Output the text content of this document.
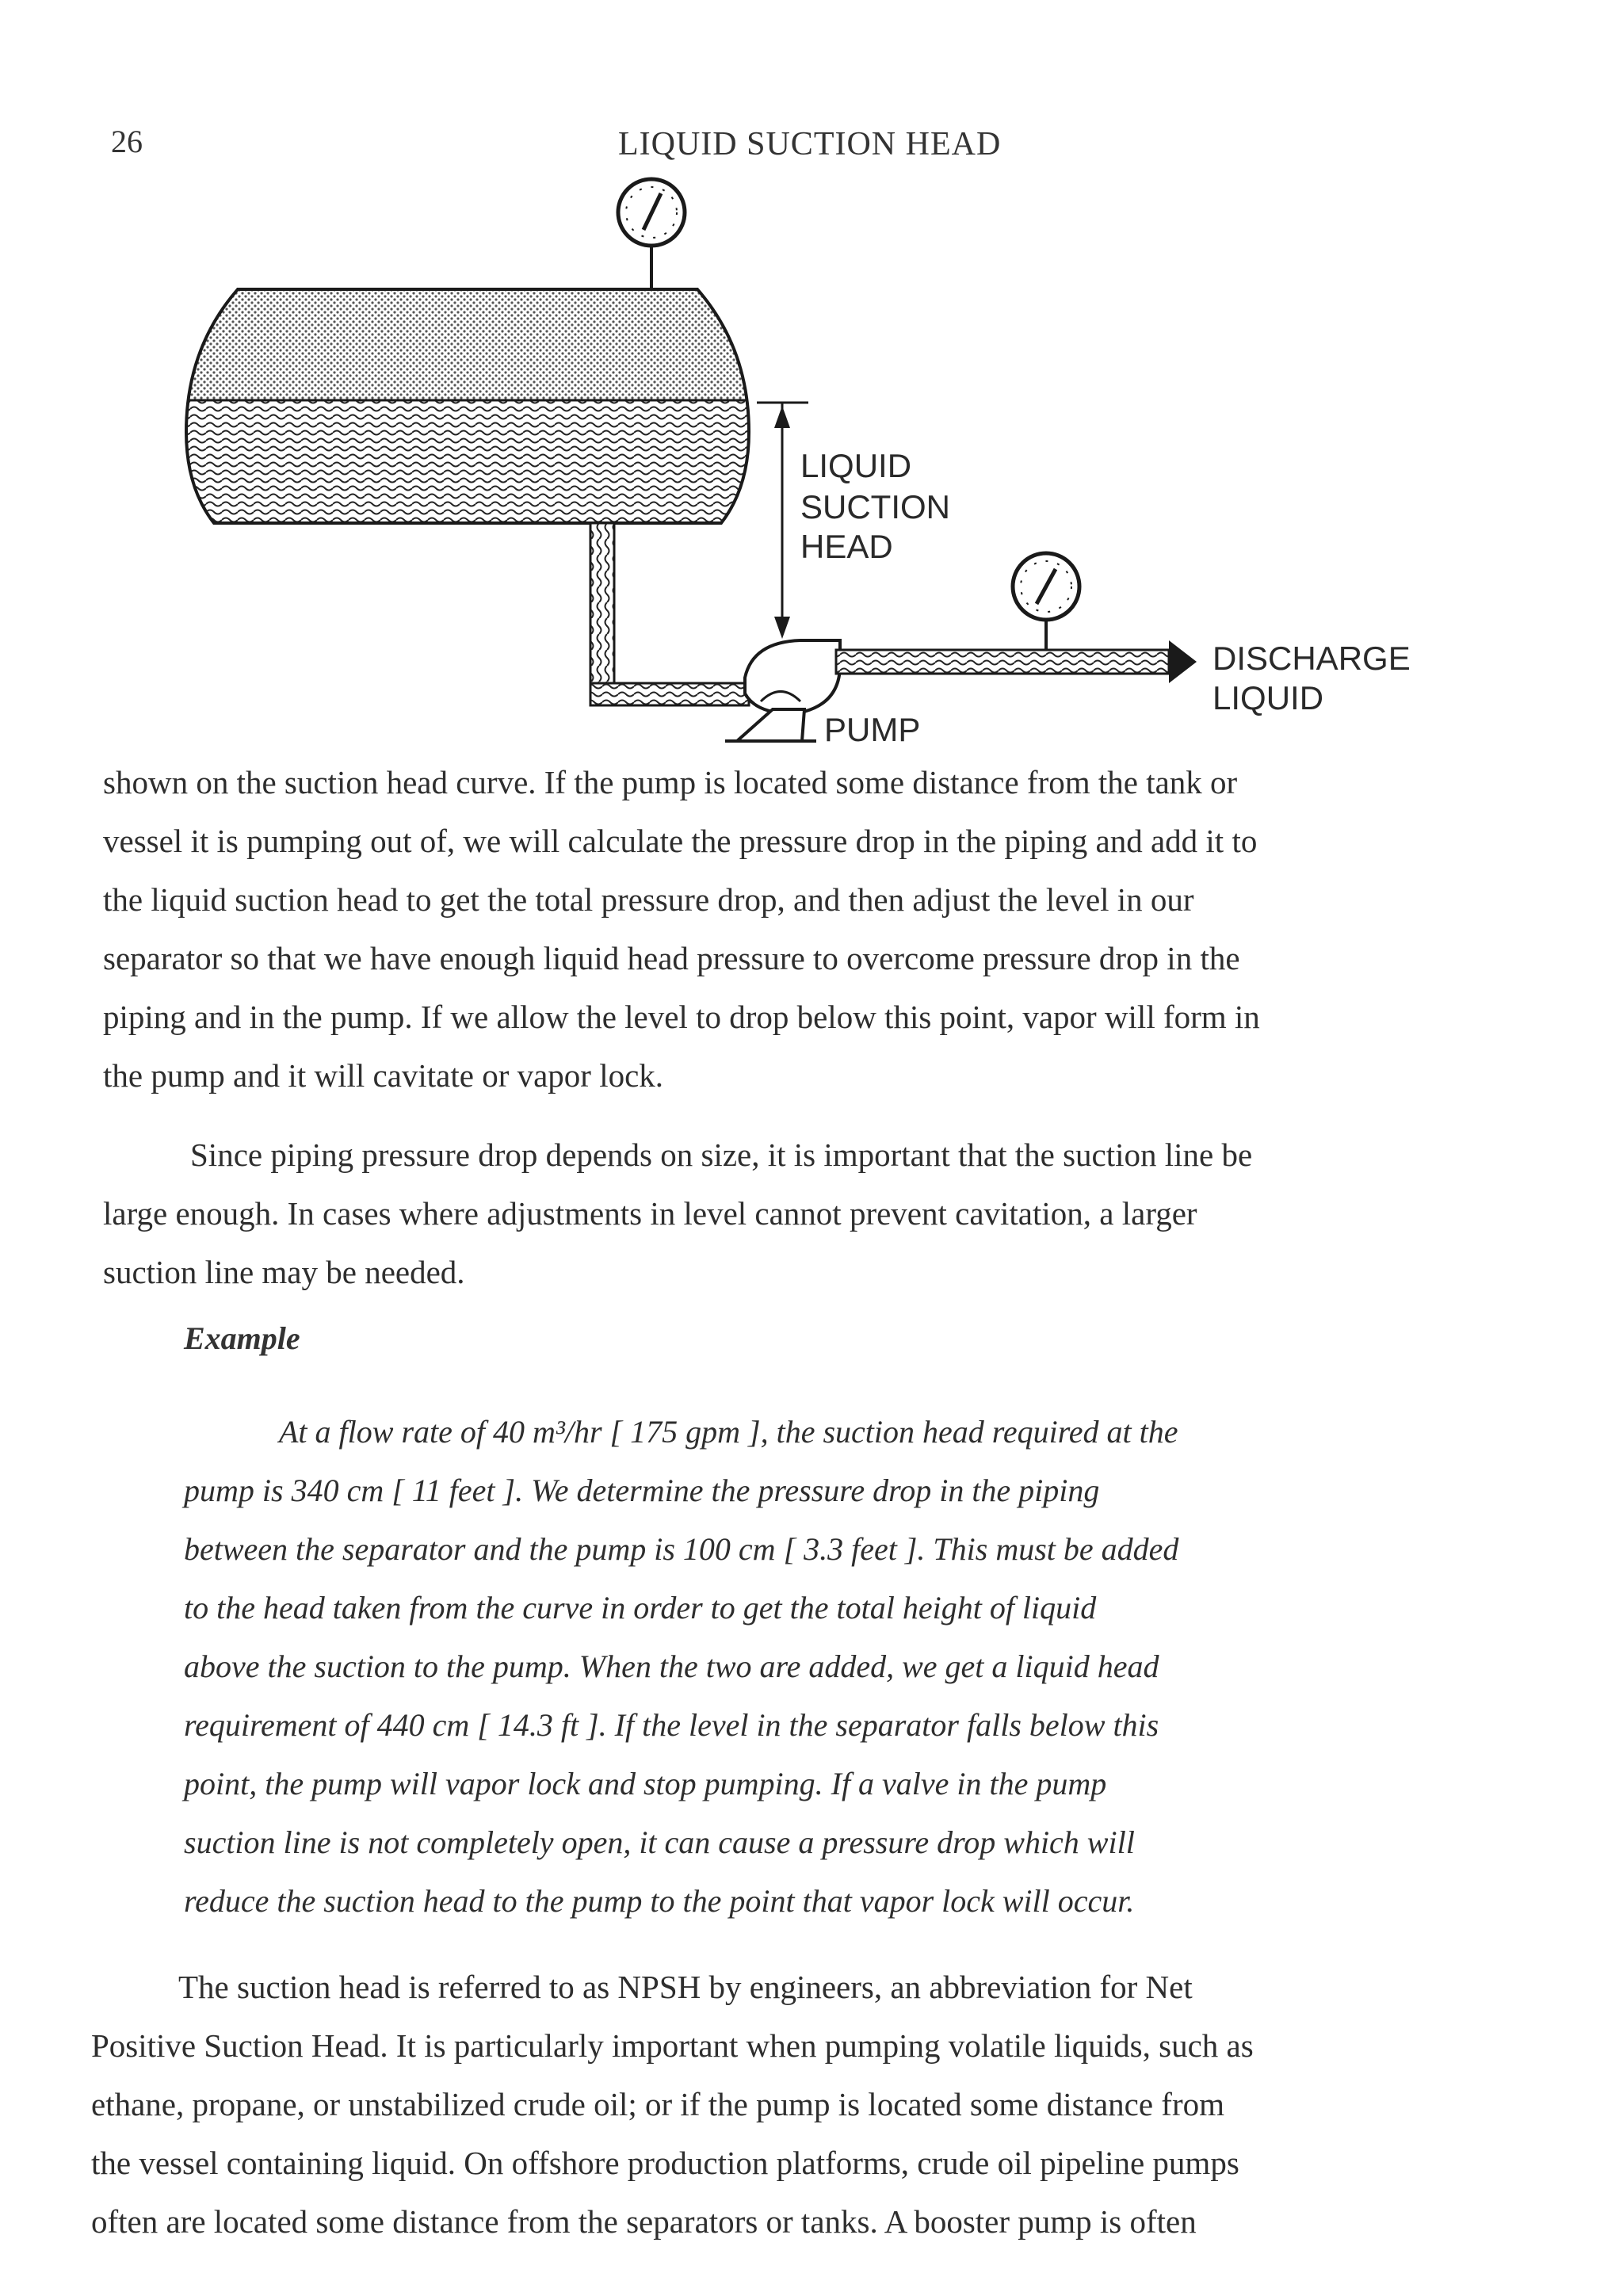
26	LIQUID SUCTION HEAD
LIQUID
SUCTION
HEAD
DISCHARGE
LIQUID
PUMP
shown on the suction head curve. If the pump is located some distance from the tank or
vessel it is pumping out of, we will calculate the pressure drop in the piping and add it to
the liquid suction head to get the total pressure drop, and then adjust the level in our
separator so that we have enough liquid head pressure to overcome pressure drop in the
piping and in the pump. If we allow the level to drop below this point, vapor will form in
the pump and it will cavitate or vapor lock.
Since piping pressure drop depends on size, it is important that the suction line be
large enough. In cases where adjustments in level cannot prevent cavitation, a larger
suction line may be needed.
Example
At a flow rate of 40 m³/hr [ 175 gpm ], the suction head required at the
pump is 340 cm [ 11 feet ]. We determine the pressure drop in the piping
between the separator and the pump is 100 cm [ 3.3 feet ]. This must be added
to the head taken from the curve in order to get the total height of liquid
above the suction to the pump. When the two are added, we get a liquid head
requirement of 440 cm [ 14.3 ft ]. If the level in the separator falls below this
point, the pump will vapor lock and stop pumping. If a valve in the pump
suction line is not completely open, it can cause a pressure drop which will
reduce the suction head to the pump to the point that vapor lock will occur.
The suction head is referred to as NPSH by engineers, an abbreviation for Net
Positive Suction Head. It is particularly important when pumping volatile liquids, such as
ethane, propane, or unstabilized crude oil; or if the pump is located some distance from
the vessel containing liquid. On offshore production platforms, crude oil pipeline pumps
often are located some distance from the separators or tanks. A booster pump is often
